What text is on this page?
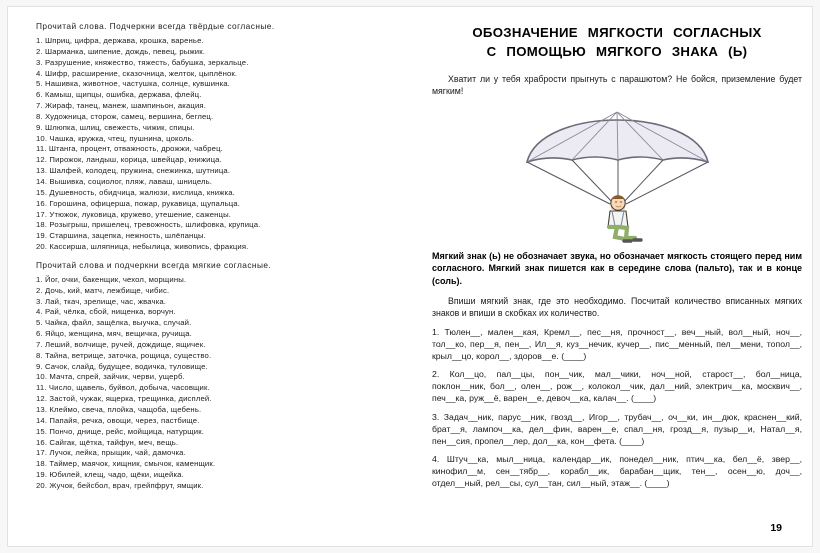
Прочитай слова. Подчеркни всегда твёрдые согласные.

1. Шприц, цифра, держава, крошка, варенье.
2. Шарманка, шипение, дождь, певец, рыжик.
3. Разрушение, княжество, тяжесть, бабушка, зеркальце.
4. Шифр, расширение, сказочница, желток, цыплёнок.
5. Нашивка, животное, частушка, солнце, кувшинка.
6. Камыш, щипцы, ошибка, держава, флейц.
7. Жираф, танец, манеж, шампиньон, акация.
8. Художница, сторож, самец, вершина, беглец.
9. Шлюпка, шлиц, свежесть, чижик, спицы.
10. Чашка, кружка, чтец, пушнина, цоколь.
11. Штанга, процент, отважность, дрожжи, чабрец.
12. Пирожок, ландыш, корица, швейцар, книжица.
13. Шалфей, колодец, пружина, снежинка, шутница.
14. Вышивка, социолог, пляж, лаваш, шницель.
15. Душевность, обидчица, жалюзи, кислица, книжка.
16. Горошина, офицерша, пожар, рукавица, щупальца.
17. Утюжок, луковица, кружево, утешение, саженцы.
18. Розыгрыш, пришелец, тревожность, шлифовка, крупица.
19. Старшина, зацепка, нежность, шлёпанцы.
20. Кассирша, шляпница, небылица, живопись, фракция.

Прочитай слова и подчеркни всегда мягкие согласные.

1. Йог, очки, бакенщик, чехол, морщины.
2. Дочь, кий, матч, лежбище, чибис.
3. Лай, ткач, зрелище, час, жвачка.
4. Рай, чёлка, сбой, нищенка, ворчун.
5. Чайка, файл, защёлка, выучка, случай.
6. Яйцо, женщина, мяч, вещичка, ручища.
7. Леший, волчище, ручей, дождище, ящичек.
8. Тайна, ветрище, заточка, рощица, существо.
9. Сачок, слайд, будущее, водичка, туловище.
10. Мачта, спрей, зайчик, черви, ущерб.
11. Число, щавель, буйвол, добыча, часовщик.
12. Застой, чужак, ящерка, трещинка, дисплей.
13. Клеймо, свеча, плойка, чащоба, щебень.
14. Папайя, речка, овощи, через, пастбище.
15. Пончо, днище, рейс, мойщица, натурщик.
16. Сайгак, щётка, тайфун, меч, вещь.
17. Лучок, лейка, прыщик, чай, дамочка.
18. Таймер, маячок, хищник, смычок, каменщик.
19. Юбилей, клещ, чадо, щёки, ищейка.
20. Жучок, бейсбол, врач, грейпфрут, ямщик.
ОБОЗНАЧЕНИЕ МЯГКОСТИ СОГЛАСНЫХ
С ПОМОЩЬЮ МЯГКОГО ЗНАКА (Ь)

Хватит ли у тебя храбрости прыгнуть с парашютом? Не бойся, приземление будет мягким!

Мягкий знак (ь) не обозначает звука, но обозначает мягкость стоящего перед ним согласного. Мягкий знак пишется как в середине слова (пальто), так и в конце (соль).

Впиши мягкий знак, где это необходимо. Посчитай количество вписанных мягких знаков и впиши в скобках их количество.

1. Тюлен__, мален__кая, Кремл__, пес__ня, прочност__, веч__ный, вол__ный, ноч__, тол__ко, пер__я, пен__, Ил__я, куз__нечик, кучер__, пис__менный, пел__мени, топол__, крыл__цо, корол__, здоров__е. (____)

2. Кол__цо, пал__цы, пон__чик, мал__чики, ноч__ной, старост__, бол__ница, поклон__ник, бол__, олен__, рож__, колокол__чик, дал__ний, электрич__ка, москвич__, печ__ка, руж__ё, варен__е, девоч__ка, калач__. (____)

3. Задач__ник, парус__ник, гвозд__, Игор__, трубач__, оч__ки, ин__дюк, краснен__кий, брат__я, лампоч__ка, дел__фин, варен__е, спал__ня, грозд__я, пузыр__и, Натал__я, пен__сия, пропел__лер, дол__ка, кон__фета. (____)

4. Штуч__ка, мыл__ница, календар__ик, понедел__ник, птич__ка, бел__ё, звер__, кинофил__м, сен__тябр__, корабл__ик, барабан__щик, тен__, осен__ю, доч__, отдел__ный, рел__сы, сул__тан, сил__ный, этаж__. (____)

19
